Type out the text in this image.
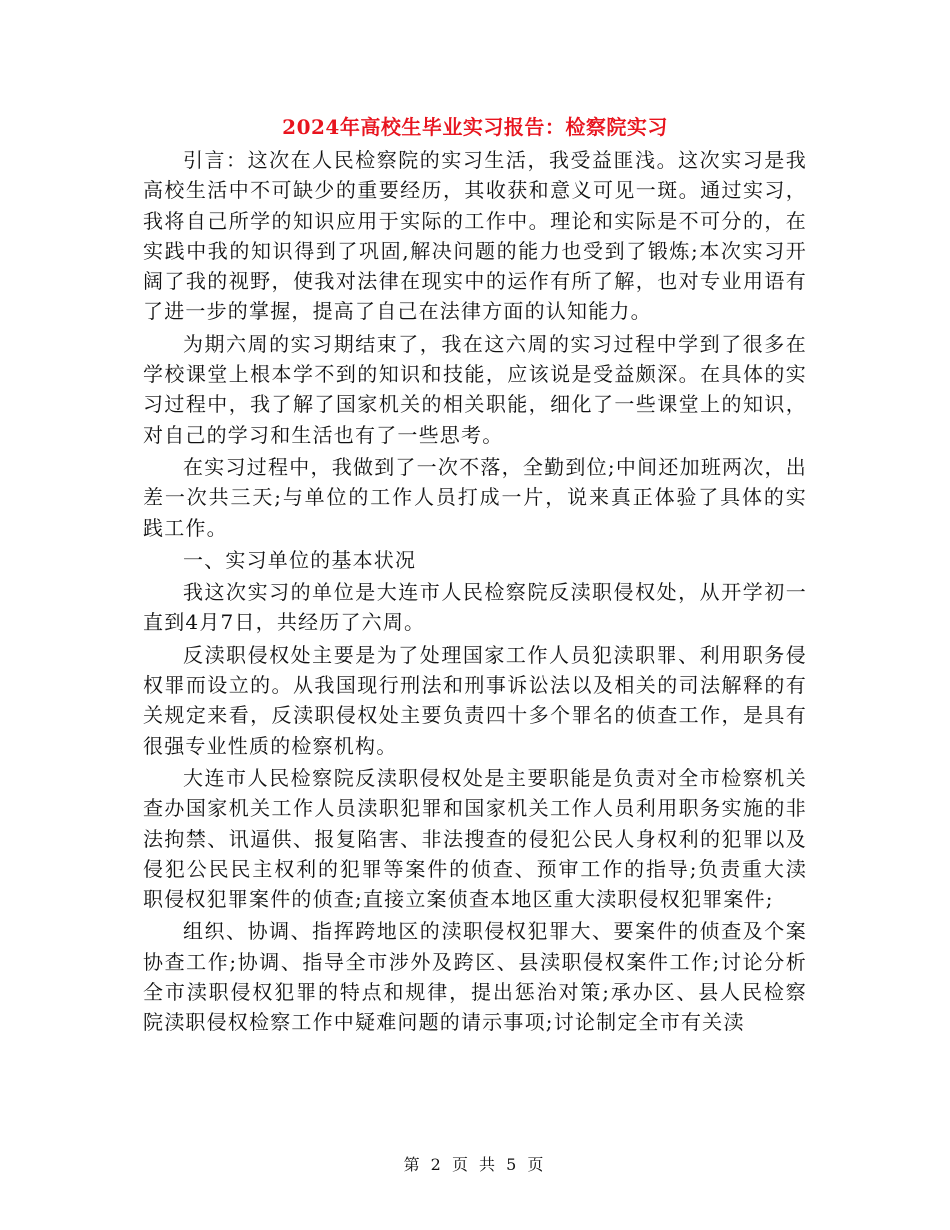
2024年高校生毕业实习报告：检察院实习

引言：这次在人民检察院的实习生活，我受益匪浅。这次实习是我高校生活中不可缺少的重要经历，其收获和意义可见一斑。通过实习，我将自己所学的知识应用于实际的工作中。理论和实际是不可分的，在实践中我的知识得到了巩固,解决问题的能力也受到了锻炼;本次实习开阔了我的视野，使我对法律在现实中的运作有所了解，也对专业用语有了进一步的掌握，提高了自己在法律方面的认知能力。

为期六周的实习期结束了，我在这六周的实习过程中学到了很多在学校课堂上根本学不到的知识和技能，应该说是受益颇深。在具体的实习过程中，我了解了国家机关的相关职能，细化了一些课堂上的知识，对自己的学习和生活也有了一些思考。

在实习过程中，我做到了一次不落，全勤到位;中间还加班两次，出差一次共三天;与单位的工作人员打成一片，说来真正体验了具体的实践工作。

一、实习单位的基本状况

我这次实习的单位是大连市人民检察院反渎职侵权处，从开学初一直到4月7日，共经历了六周。

反渎职侵权处主要是为了处理国家工作人员犯渎职罪、利用职务侵权罪而设立的。从我国现行刑法和刑事诉讼法以及相关的司法解释的有关规定来看，反渎职侵权处主要负责四十多个罪名的侦查工作，是具有很强专业性质的检察机构。

大连市人民检察院反渎职侵权处是主要职能是负责对全市检察机关查办国家机关工作人员渎职犯罪和国家机关工作人员利用职务实施的非法拘禁、讯逼供、报复陷害、非法搜查的侵犯公民人身权利的犯罪以及侵犯公民民主权利的犯罪等案件的侦查、预审工作的指导;负责重大渎职侵权犯罪案件的侦查;直接立案侦查本地区重大渎职侵权犯罪案件;

组织、协调、指挥跨地区的渎职侵权犯罪大、要案件的侦查及个案协查工作;协调、指导全市涉外及跨区、县渎职侵权案件工作;讨论分析全市渎职侵权犯罪的特点和规律，提出惩治对策;承办区、县人民检察院渎职侵权检察工作中疑难问题的请示事项;讨论制定全市有关渎

第 2 页 共 5 页
